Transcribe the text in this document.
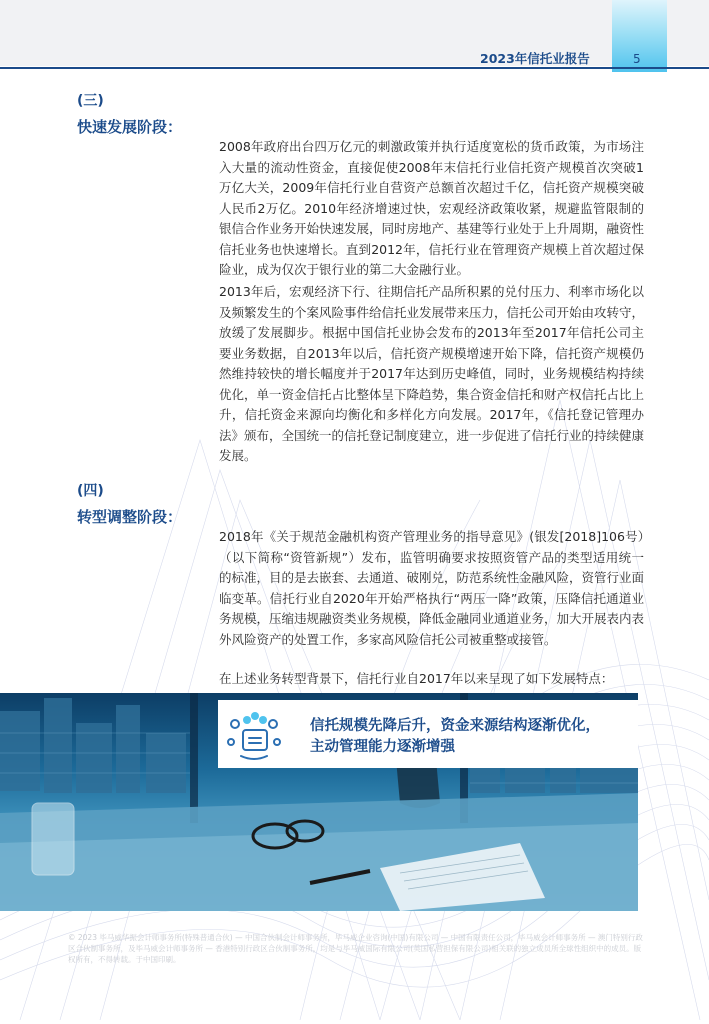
2023年信托业报告	5
(三)
快速发展阶段：

2008年政府出台四万亿元的刺激政策并执行适度宽松的货币政策，为市场注入大量的流动性资金，直接促使2008年末信托行业信托资产规模首次突破1万亿大关，2009年信托行业自营资产总额首次超过千亿，信托资产规模突破人民币2万亿。2010年经济增速过快，宏观经济政策收紧，规避监管限制的银信合作业务开始快速发展，同时房地产、基建等行业处于上升周期，融资性信托业务也快速增长。直到2012年，信托行业在管理资产规模上首次超过保险业，成为仅次于银行业的第二大金融行业。

2013年后，宏观经济下行、往期信托产品所积累的兑付压力、利率市场化以及频繁发生的个案风险事件给信托业发展带来压力，信托公司开始由攻转守，放缓了发展脚步。根据中国信托业协会发布的2013年至2017年信托公司主要业务数据，自2013年以后，信托资产规模增速开始下降，信托资产规模仍然维持较快的增长幅度并于2017年达到历史峰值，同时，业务规模结构持续优化，单一资金信托占比整体呈下降趋势，集合资金信托和财产权信托占比上升，信托资金来源向均衡化和多样化方向发展。2017年，《信托登记管理办法》颁布，全国统一的信托登记制度建立，进一步促进了信托行业的持续健康发展。

(四)
转型调整阶段：

2018年《关于规范金融机构资产管理业务的指导意见》(银发[2018]106号）（以下简称“资管新规”）发布，监管明确要求按照资管产品的类型适用统一的标准，目的是去嵌套、去通道、破刚兑，防范系统性金融风险，资管行业面临变革。信托行业自2020年开始严格执行“两压一降”政策，压降信托通道业务规模，压缩违规融资类业务规模，降低金融同业通道业务，加大开展表内表外风险资产的处置工作，多家高风险信托公司被重整或接管。

在上述业务转型背景下，信托行业自2017年以来呈现了如下发展特点：

信托规模先降后升，资金来源结构逐渐优化，
主动管理能力逐渐增强

© 2023 毕马威华振会计师事务所(特殊普通合伙) — 中国合伙制会计师事务所，毕马威企业咨询(中国)有限公司 — 中国有限责任公司，毕马威会计师事务所 — 澳门特别行政区合伙制事务所，及毕马威会计师事务所 — 香港特别行政区合伙制事务所，均是与毕马威国际有限公司(英国私营担保有限公司)相关联的独立成员所全球性组织中的成员。版权所有，不得转载。于中国印刷。
